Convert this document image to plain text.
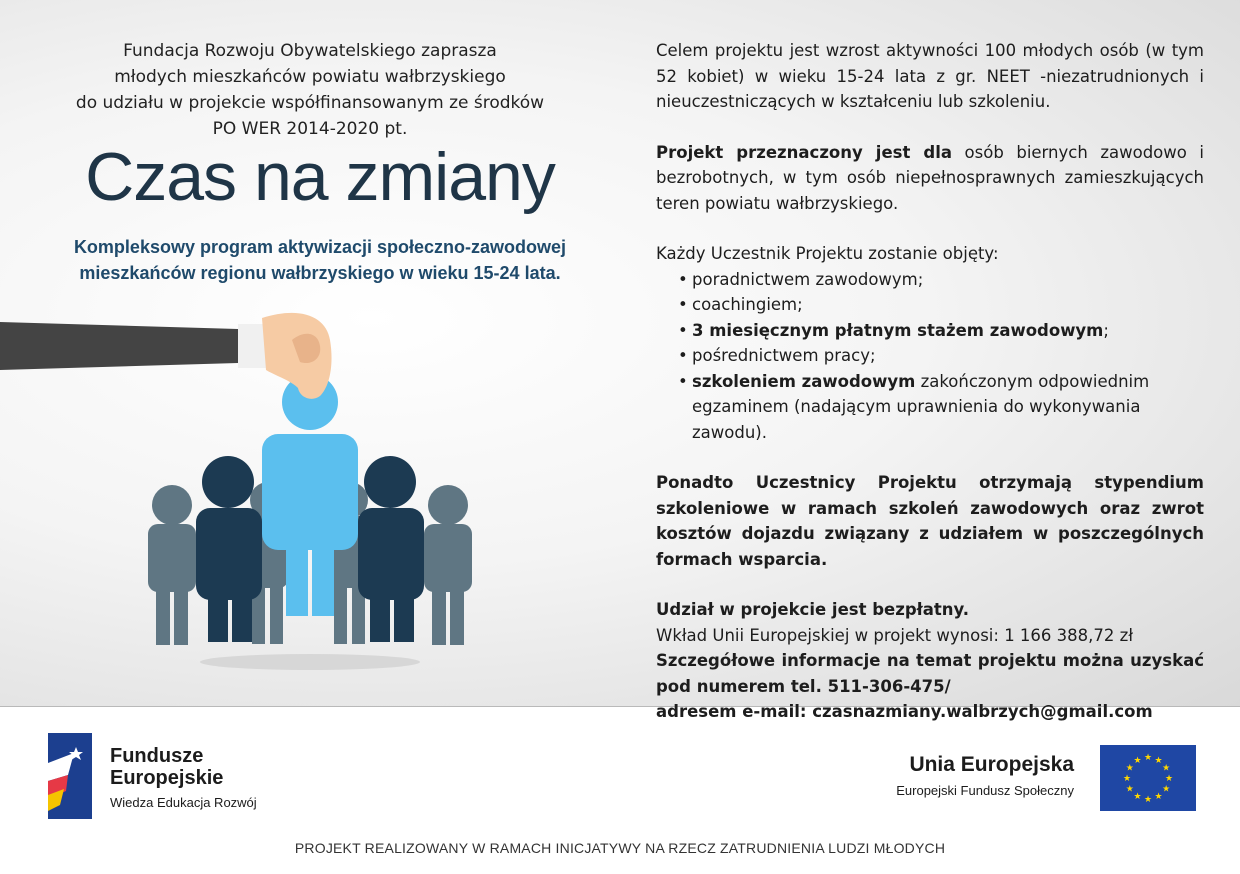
Fundacja Rozwoju Obywatelskiego zaprasza
młodych mieszkańców powiatu wałbrzyskiego
do udziału w projekcie współfinansowanym ze środków
PO WER 2014-2020 pt.
Czas na zmiany
Kompleksowy program aktywizacji społeczno-zawodowej
mieszkańców regionu wałbrzyskiego w wieku 15-24 lata.

Celem projektu jest wzrost aktywności 100 młodych osób (w tym 52 kobiet) w wieku 15-24 lata z gr. NEET -niezatrudnionych i nieuczestniczących w kształceniu lub szkoleniu.

Projekt przeznaczony jest dla osób biernych zawodowo i bezrobotnych, w tym osób niepełnosprawnych zamieszkujących teren powiatu wałbrzyskiego.

Każdy Uczestnik Projektu zostanie objęty:

• poradnictwem zawodowym;
• coachingiem;
• 3 miesięcznym płatnym stażem zawodowym;
• pośrednictwem pracy;
• szkoleniem zawodowym zakończonym odpowiednim egzaminem (nadającym uprawnienia do wykonywania zawodu).

Ponadto Uczestnicy Projektu otrzymają stypendium szkoleniowe w ramach szkoleń zawodowych oraz zwrot kosztów dojazdu związany z udziałem w poszczególnych formach wsparcia.

Udział w projekcie jest bezpłatny.

Wkład Unii Europejskiej w projekt wynosi: 1 166 388,72 zł

Szczegółowe informacje na temat projektu można uzyskać pod numerem tel. 511-306-475/

adresem e-mail: czasnazmiany.walbrzych@gmail.com

Fundusze
Europejskie
Wiedza Edukacja Rozwój
Unia Europejska
Europejski Fundusz Społeczny
★
★
★
★
★
★
★
★
★ ★ ★
★
PROJEKT REALIZOWANY W RAMACH INICJATYWY NA RZECZ ZATRUDNIENIA LUDZI MŁODYCH
